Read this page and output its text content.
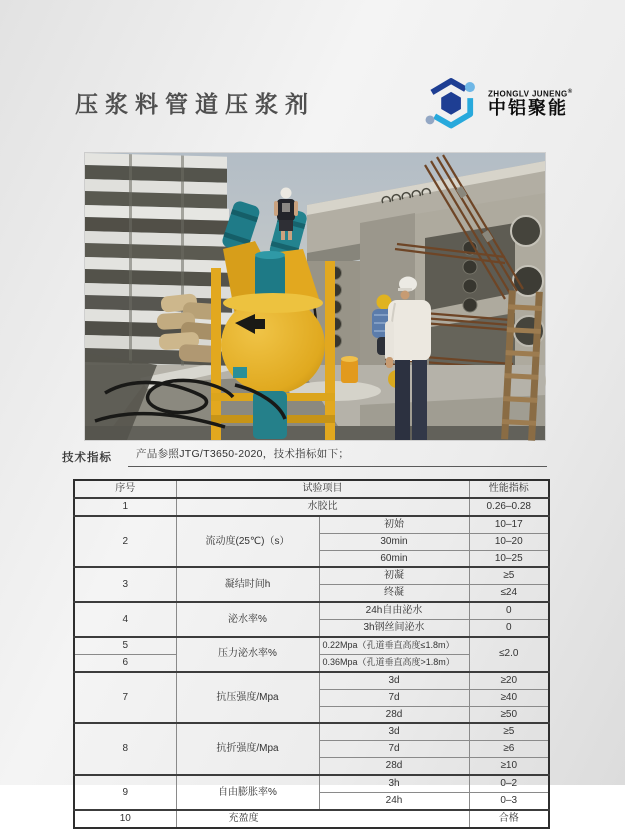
压浆料管道压浆剂	ZHONGLV JUNENG®
中铝聚能
技术指标	产品参照JTG/T3650-2020，技术指标如下；
序号	试验项目		性能指标
1	水胶比		0.26–0.28
2	流动度(25℃)（s）	初始	10–17
		30min	10–20
		60min	10–25
3	凝结时间h	初凝	≥5
		终凝	≤24
4	泌水率%	24h自由泌水	0
		3h钢丝间泌水	0
5	压力泌水率%	0.22Mpa（孔道垂直高度≤1.8m）	≤2.0
6		0.36Mpa（孔道垂直高度>1.8m）	
7	抗压强度/Mpa	3d	≥20
		7d	≥40
		28d	≥50
8	抗折强度/Mpa	3d	≥5
		7d	≥6
		28d	≥10
9	自由膨胀率%	3h	0–2
		24h	0–3
10	充盈度		合格
